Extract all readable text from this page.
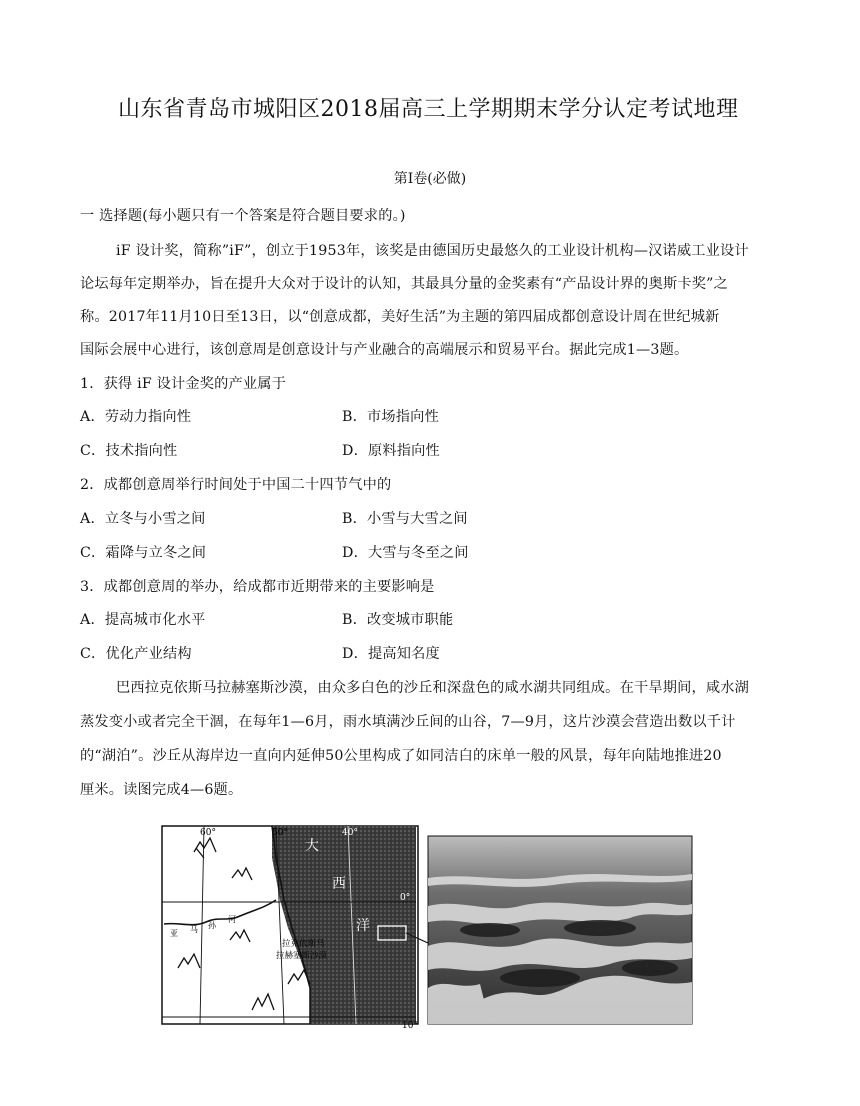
山东省青岛市城阳区2018届高三上学期期末学分认定考试地理
第Ⅰ卷(必做)
一 选择题(每小题只有一个答案是符合题目要求的。)
iF 设计奖，简称”iF”，创立于1953年，该奖是由德国历史最悠久的工业设计机构—汉诺威工业设计
论坛每年定期举办，旨在提升大众对于设计的认知，其最具分量的金奖素有“产品设计界的奥斯卡奖”之
称。2017年11月10日至13日，以“创意成都，美好生活”为主题的第四届成都创意设计周在世纪城新
国际会展中心进行，该创意周是创意设计与产业融合的高端展示和贸易平台。据此完成1—3题。
1．获得 iF 设计金奖的产业属于
A．劳动力指向性	B．市场指向性
C．技术指向性	D．原料指向性
2．成都创意周举行时间处于中国二十四节气中的
A．立冬与小雪之间	B．小雪与大雪之间
C．霜降与立冬之间	D．大雪与冬至之间
3．成都创意周的举办，给成都市近期带来的主要影响是
A．提高城市化水平	B．改变城市职能
C．优化产业结构	D．提高知名度
巴西拉克依斯马拉赫塞斯沙漠，由众多白色的沙丘和深盘色的咸水湖共同组成。在干旱期间，咸水湖
蒸发变小或者完全干涸，在每年1—6月，雨水填满沙丘间的山谷，7—9月，这片沙漠会营造出数以千计
的“湖泊”。沙丘从海岸边一直向内延伸50公里构成了如同洁白的床单一般的风景，每年向陆地推进20
厘米。读图完成4—6题。
60°	50°	40°
0°
10°
大
西
洋
亚 马 孙
河
拉克依斯马
拉赫塞斯沙漠
